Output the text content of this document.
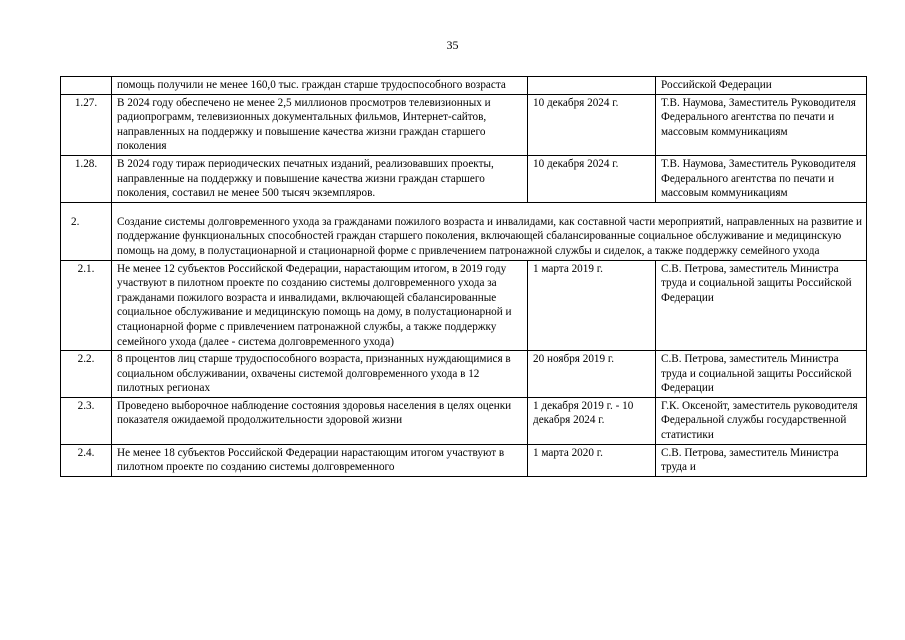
35
	помощь получили не менее 160,0 тыс. граждан старше трудоспособного возраста		Российской Федерации
1.27.	В 2024 году обеспечено не менее 2,5 миллионов просмотров телевизионных и радиопрограмм, телевизионных документальных фильмов, Интернет-сайтов, направленных на поддержку и повышение качества жизни граждан старшего поколения	10 декабря 2024 г.	Т.В. Наумова, Заместитель Руководителя Федерального агентства по печати и массовым коммуникациям
1.28.	В 2024 году тираж периодических печатных изданий, реализовавших проекты, направленные на поддержку и повышение качества жизни граждан старшего поколения, составил не менее 500 тысяч экземпляров.	10 декабря 2024 г.	Т.В. Наумова, Заместитель Руководителя Федерального агентства по печати и массовым коммуникациям
2.	Создание системы долговременного ухода за гражданами пожилого возраста и инвалидами, как составной части мероприятий, направленных на развитие и поддержание функциональных способностей граждан старшего поколения, включающей сбалансированные социальное обслуживание и медицинскую помощь на дому, в полустационарной и стационарной форме с привлечением патронажной службы и сиделок, а также поддержку семейного ухода		
2.1.	Не менее 12 субъектов Российской Федерации, нарастающим итогом, в 2019 году участвуют в пилотном проекте по созданию системы долговременного ухода за гражданами пожилого возраста и инвалидами, включающей сбалансированные социальное обслуживание и медицинскую помощь на дому, в полустационарной и стационарной форме с привлечением патронажной службы, а также поддержку семейного ухода (далее - система долговременного ухода)	1 марта 2019 г.	С.В. Петрова, заместитель Министра труда и социальной защиты Российской Федерации
2.2.	8 процентов лиц старше трудоспособного возраста, признанных нуждающимися в социальном обслуживании, охвачены системой долговременного ухода в 12 пилотных регионах	20 ноября 2019 г.	С.В. Петрова, заместитель Министра труда и социальной защиты Российской Федерации
2.3.	Проведено выборочное наблюдение состояния здоровья населения в целях оценки показателя ожидаемой продолжительности здоровой жизни	1 декабря 2019 г. - 10 декабря 2024 г.	Г.К. Оксенойт, заместитель руководителя Федеральной службы государственной статистики
2.4.	Не менее 18 субъектов Российской Федерации нарастающим итогом участвуют в пилотном проекте по созданию системы долговременного	1 марта 2020 г.	С.В. Петрова, заместитель Министра труда и
